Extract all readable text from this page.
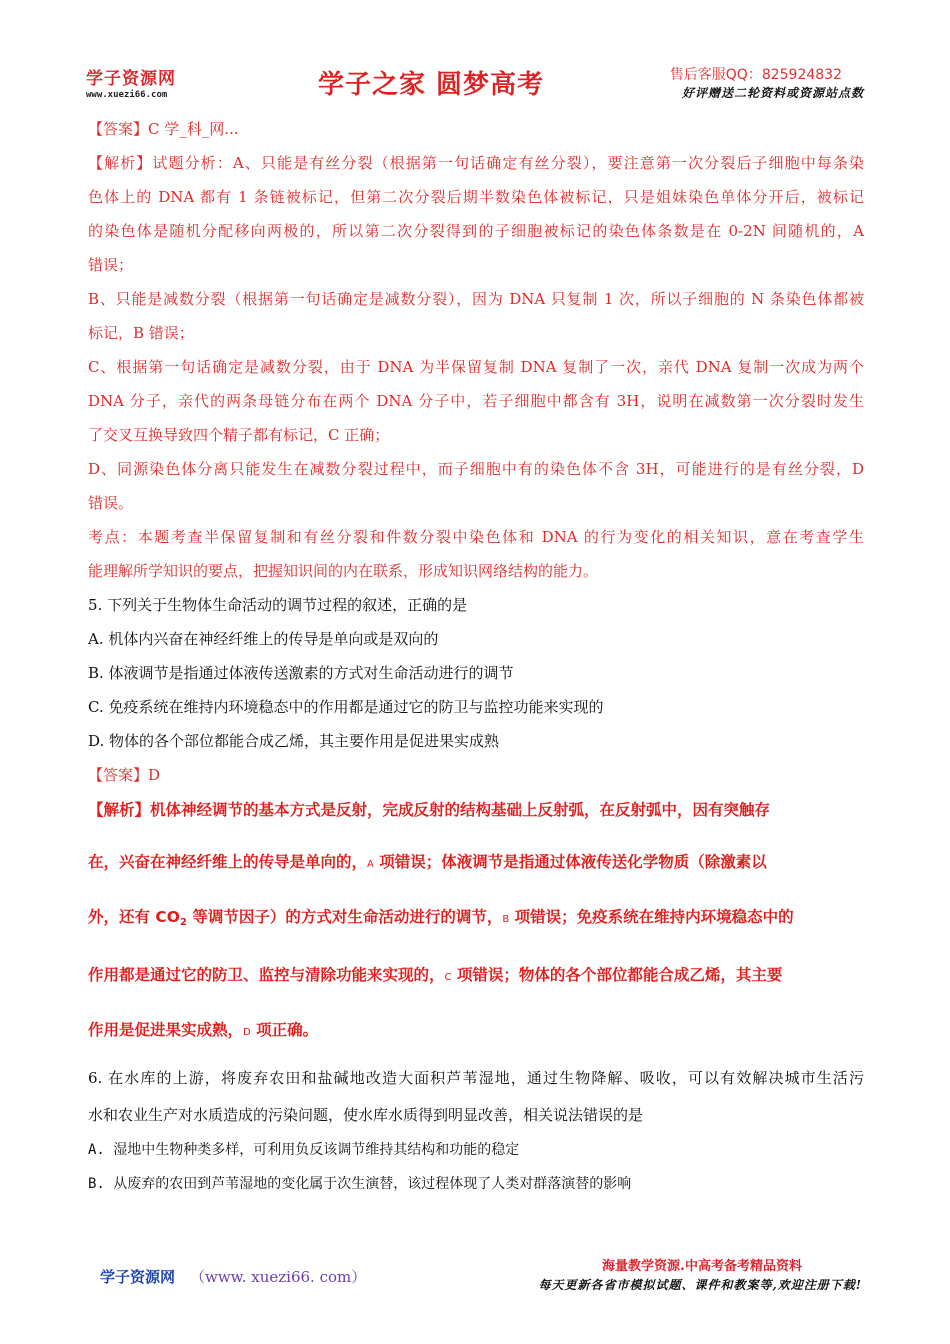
学子资源网
www.xuezi66.com	学子之家 圆梦高考	售后客服QQ：825924832
好评赠送二轮资料或资源站点数
【答案】C 学_科_网...
【解析】试题分析：A、只能是有丝分裂（根据第一句话确定有丝分裂），要注意第一次分裂后子细胞中每条染
色体上的 DNA 都有 1 条链被标记，但第二次分裂后期半数染色体被标记，只是姐妹染色单体分开后，被标记
的染色体是随机分配移向两极的，所以第二次分裂得到的子细胞被标记的染色体条数是在 0-2N 间随机的，A
错误；
B、只能是减数分裂（根据第一句话确定是减数分裂），因为 DNA 只复制 1 次，所以子细胞的 N 条染色体都被
标记，B 错误；
C、根据第一句话确定是减数分裂，由于 DNA 为半保留复制 DNA 复制了一次，亲代 DNA 复制一次成为两个
DNA 分子，亲代的两条母链分布在两个 DNA 分子中，若子细胞中都含有 3H，说明在减数第一次分裂时发生
了交叉互换导致四个精子都有标记，C 正确；
D、同源染色体分离只能发生在减数分裂过程中，而子细胞中有的染色体不含 3H，可能进行的是有丝分裂，D
错误。
考点：本题考查半保留复制和有丝分裂和件数分裂中染色体和 DNA 的行为变化的相关知识，意在考查学生
能理解所学知识的要点，把握知识间的内在联系，形成知识网络结构的能力。
5. 下列关于生物体生命活动的调节过程的叙述，正确的是
A. 机体内兴奋在神经纤维上的传导是单向或是双向的
B. 体液调节是指通过体液传送激素的方式对生命活动进行的调节
C. 免疫系统在维持内环境稳态中的作用都是通过它的防卫与监控功能来实现的
D. 物体的各个部位都能合成乙烯，其主要作用是促进果实成熟
【答案】D
【解析】机体神经调节的基本方式是反射，完成反射的结构基础上反射弧，在反射弧中，因有突触存
在，兴奋在神经纤维上的传导是单向的，A 项错误；体液调节是指通过体液传送化学物质（除激素以
外，还有 $CO_2$ 等调节因子）的方式对生命活动进行的调节，B 项错误；免疫系统在维持内环境稳态中的
作用都是通过它的防卫、监控与清除功能来实现的，C 项错误；物体的各个部位都能合成乙烯，其主要
作用是促进果实成熟，D 项正确。
6. 在水库的上游，将废弃农田和盐碱地改造大面积芦苇湿地，通过生物降解、吸收，可以有效解决城市生活污
水和农业生产对水质造成的污染问题，使水库水质得到明显改善，相关说法错误的是
A. 湿地中生物种类多样，可利用负反该调节维持其结构和功能的稳定
B. 从废弃的农田到芦苇湿地的变化属于次生演替，该过程体现了人类对群落演替的影响
学子资源网 （www. xuezi66. com）
海量教学资源.中高考备考精品资料
每天更新各省市模拟试题、课件和教案等,欢迎注册下载!
